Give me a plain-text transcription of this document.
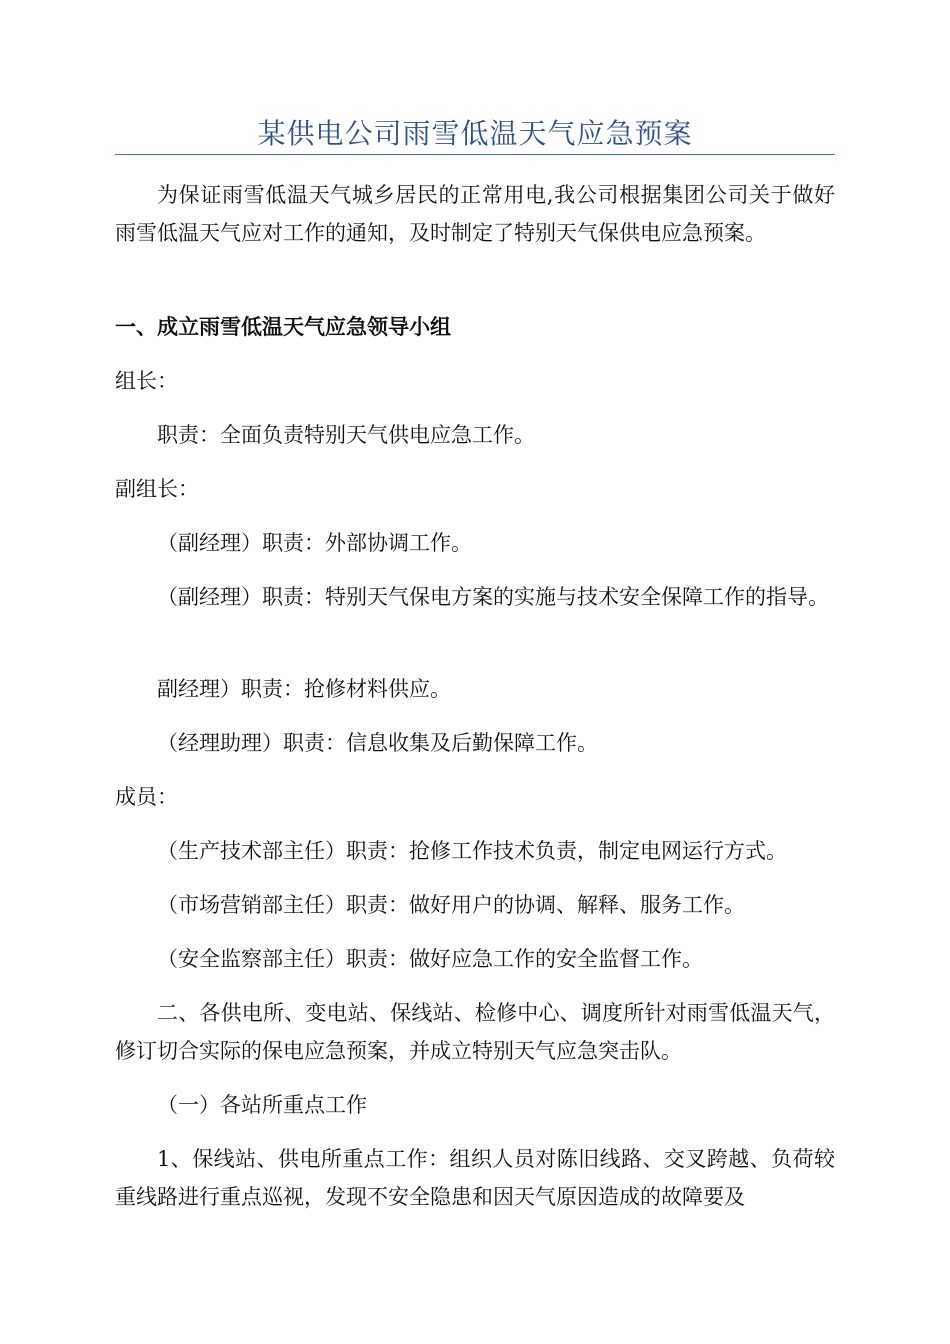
某供电公司雨雪低温天气应急预案

为保证雨雪低温天气城乡居民的正常用电,我公司根据集团公司关于做好雨雪低温天气应对工作的通知，及时制定了特别天气保供电应急预案。

一、成立雨雪低温天气应急领导小组

组长：

职责：全面负责特别天气供电应急工作。

副组长：

（副经理）职责：外部协调工作。

（副经理）职责：特别天气保电方案的实施与技术安全保障工作的指导。

副经理）职责：抢修材料供应。

（经理助理）职责：信息收集及后勤保障工作。

成员：

（生产技术部主任）职责：抢修工作技术负责，制定电网运行方式。

（市场营销部主任）职责：做好用户的协调、解释、服务工作。

（安全监察部主任）职责：做好应急工作的安全监督工作。

二、各供电所、变电站、保线站、检修中心、调度所针对雨雪低温天气，修订切合实际的保电应急预案，并成立特别天气应急突击队。

（一）各站所重点工作

1、保线站、供电所重点工作：组织人员对陈旧线路、交叉跨越、负荷较重线路进行重点巡视，发现不安全隐患和因天气原因造成的故障要及
